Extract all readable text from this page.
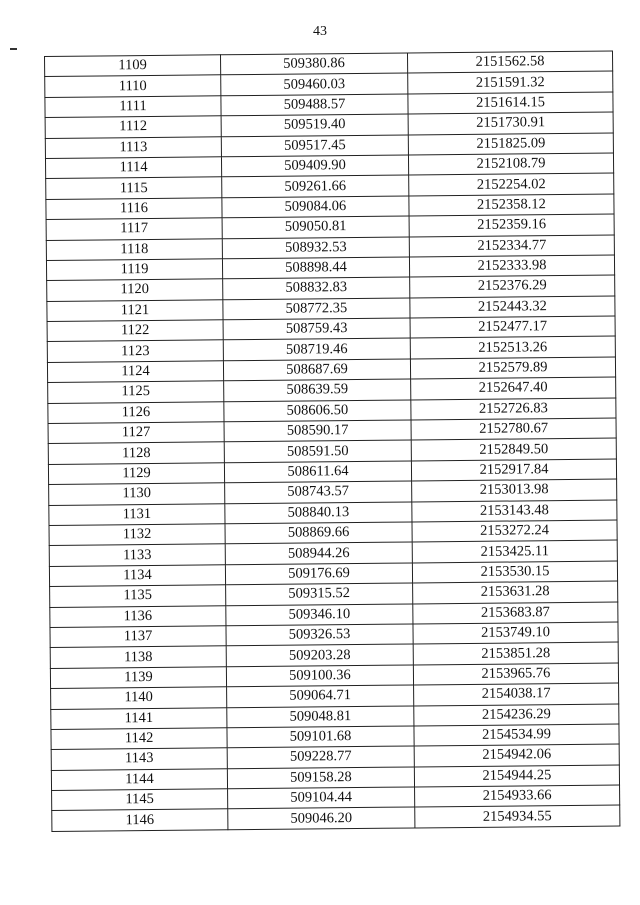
43
1109	509380.86	2151562.58
1110	509460.03	2151591.32
1111	509488.57	2151614.15
1112	509519.40	2151730.91
1113	509517.45	2151825.09
1114	509409.90	2152108.79
1115	509261.66	2152254.02
1116	509084.06	2152358.12
1117	509050.81	2152359.16
1118	508932.53	2152334.77
1119	508898.44	2152333.98
1120	508832.83	2152376.29
1121	508772.35	2152443.32
1122	508759.43	2152477.17
1123	508719.46	2152513.26
1124	508687.69	2152579.89
1125	508639.59	2152647.40
1126	508606.50	2152726.83
1127	508590.17	2152780.67
1128	508591.50	2152849.50
1129	508611.64	2152917.84
1130	508743.57	2153013.98
1131	508840.13	2153143.48
1132	508869.66	2153272.24
1133	508944.26	2153425.11
1134	509176.69	2153530.15
1135	509315.52	2153631.28
1136	509346.10	2153683.87
1137	509326.53	2153749.10
1138	509203.28	2153851.28
1139	509100.36	2153965.76
1140	509064.71	2154038.17
1141	509048.81	2154236.29
1142	509101.68	2154534.99
1143	509228.77	2154942.06
1144	509158.28	2154944.25
1145	509104.44	2154933.66
1146	509046.20	2154934.55
